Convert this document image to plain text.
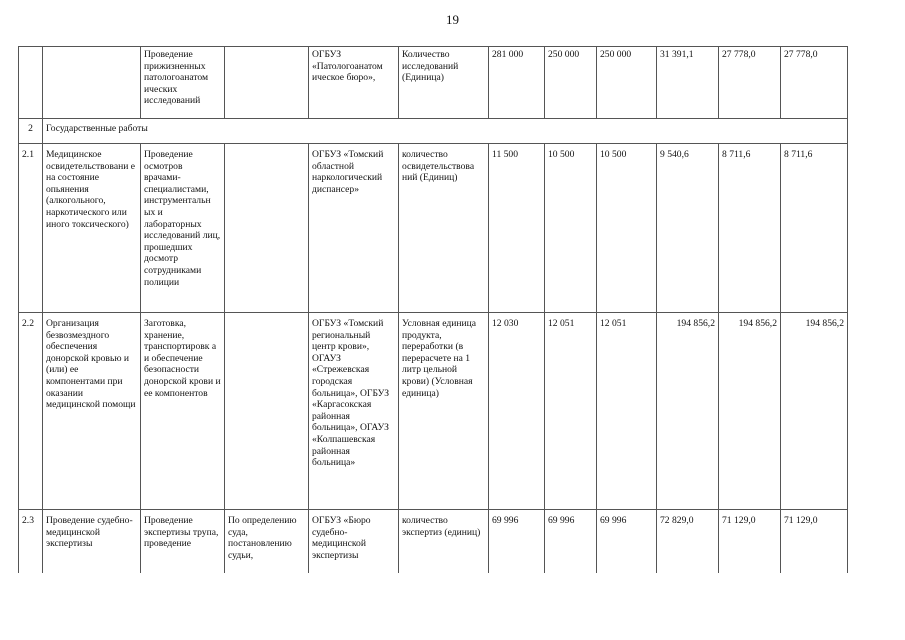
19
		Проведение прижизненных патологоанатом ических исследований		ОГБУЗ «Патологоанатом ическое бюро»,	Количество исследований (Единица)	281 000	250 000	250 000	31 391,1	27 778,0	27 778,0
2	Государственные работы										
2.1	Медицинское освидетельствовани е на состояние опьянения (алкогольного, наркотического или иного токсического)	Проведение осмотров врачами-специалистами, инструментальн ых и лабораторных исследований лиц, прошедших досмотр сотрудниками полиции		ОГБУЗ «Томский областной наркологический диспансер»	количество освидетельствова ний (Единиц)	11 500	10 500	10 500	9 540,6	8 711,6	8 711,6
2.2	Организация безвозмездного обеспечения донорской кровью и (или) ее компонентами при оказании медицинской помощи	Заготовка, хранение, транспортировк а и обеспечение безопасности донорской крови и ее компонентов		ОГБУЗ «Томский региональный центр крови», ОГАУЗ «Стрежевская городская больница», ОГБУЗ «Каргасокская районная больница», ОГАУЗ «Колпашевская районная больница»	Условная единица продукта, переработки (в перерасчете на 1 литр цельной крови) (Условная единица)	12 030	12 051	12 051	194 856,2	194 856,2	194 856,2
2.3	Проведение судебно-медицинской экспертизы	Проведение экспертизы трупа, проведение	По определению суда, постановлению судьи,	ОГБУЗ «Бюро судебно-медицинской экспертизы	количество экспертиз (единиц)	69 996	69 996	69 996	72 829,0	71 129,0	71 129,0
